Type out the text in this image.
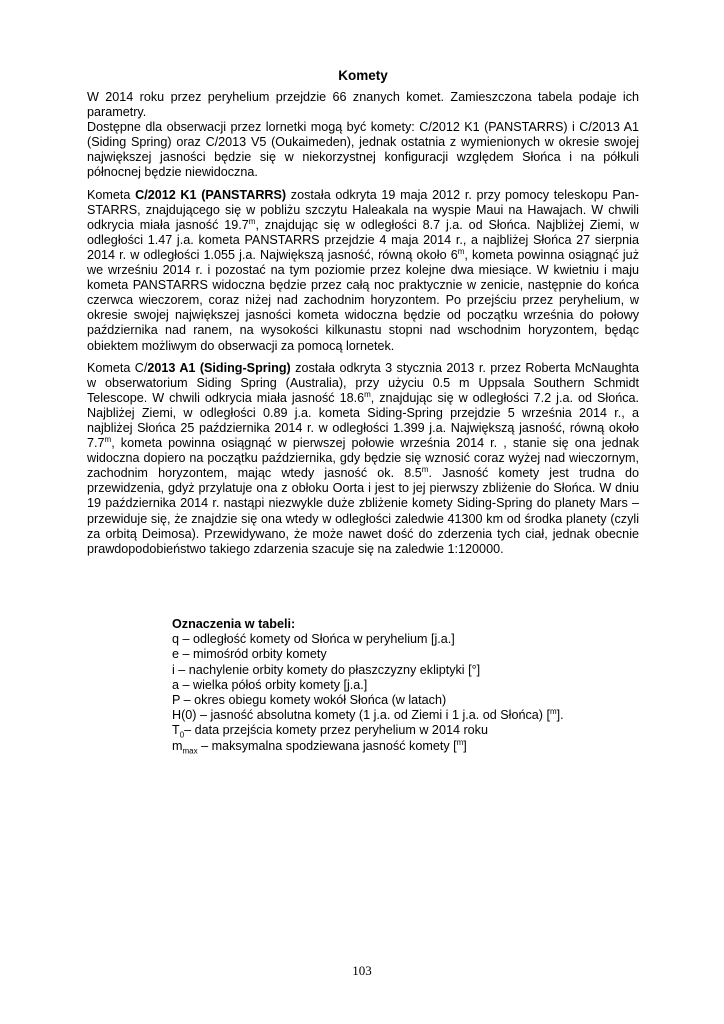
Komety

W 2014 roku przez peryhelium przejdzie 66 znanych komet. Zamieszczona tabela podaje ich parametry.

Dostępne dla obserwacji przez lornetki mogą być komety: C/2012 K1 (PANSTARRS) i C/2013 A1 (Siding Spring) oraz C/2013 V5 (Oukaimeden), jednak ostatnia z wymienionych w okresie swojej największej jasności będzie się w niekorzystnej konfiguracji względem Słońca i na półkuli północnej będzie niewidoczna.

Kometa C/2012 K1 (PANSTARRS) została odkryta 19 maja 2012 r. przy pomocy teleskopu Pan-STARRS, znajdującego się w pobliżu szczytu Haleakala na wyspie Maui na Hawajach. W chwili odkrycia miała jasność 19.7$^m$, znajdując się w odległości 8.7 j.a. od Słońca. Najbliżej Ziemi, w odległości 1.47 j.a. kometa PANSTARRS przejdzie 4 maja 2014 r., a najbliżej Słońca 27 sierpnia 2014 r. w odległości 1.055 j.a. Największą jasność, równą około 6$^m$, kometa powinna osiągnąć już we wrześniu 2014 r. i pozostać na tym poziomie przez kolejne dwa miesiące. W kwietniu i maju kometa PANSTARRS widoczna będzie przez całą noc praktycznie w zenicie, następnie do końca czerwca wieczorem, coraz niżej nad zachodnim horyzontem. Po przejściu przez peryhelium, w okresie swojej największej jasności kometa widoczna będzie od początku września do połowy października nad ranem, na wysokości kilkunastu stopni nad wschodnim horyzontem, będąc obiektem możliwym do obserwacji za pomocą lornetek.

Kometa C/2013 A1 (Siding-Spring) została odkryta 3 stycznia 2013 r. przez Roberta McNaughta w obserwatorium Siding Spring (Australia), przy użyciu 0.5 m Uppsala Southern Schmidt Telescope. W chwili odkrycia miała jasność 18.6$^m$, znajdując się w odległości 7.2 j.a. od Słońca. Najbliżej Ziemi, w odległości 0.89 j.a. kometa Siding-Spring przejdzie 5 września 2014 r., a najbliżej Słońca 25 października 2014 r. w odległości 1.399 j.a. Największą jasność, równą około 7.7$^m$, kometa powinna osiągnąć w pierwszej połowie września 2014 r. , stanie się ona jednak widoczna dopiero na początku października, gdy będzie się wznosić coraz wyżej nad wieczornym, zachodnim horyzontem, mając wtedy jasność ok. 8.5$^m$. Jasność komety jest trudna do przewidzenia, gdyż przylatuje ona z obłoku Oorta i jest to jej pierwszy zbliżenie do Słońca. W dniu 19 października 2014 r. nastąpi niezwykle duże zbliżenie komety Siding-Spring do planety Mars – przewiduje się, że znajdzie się ona wtedy w odległości zaledwie 41300 km od środka planety (czyli za orbitą Deimosa). Przewidywano, że może nawet dość do zderzenia tych ciał, jednak obecnie prawdopodobieństwo takiego zdarzenia szacuje się na zaledwie 1:120000.

Oznaczenia w tabeli:
q – odległość komety od Słońca w peryhelium [j.a.]
e – mimośród orbity komety
i – nachylenie orbity komety do płaszczyzny ekliptyki [°]
a – wielka półoś orbity komety [j.a.]
P – okres obiegu komety wokół Słońca (w latach)
H(0) – jasność absolutna komety (1 j.a. od Ziemi i 1 j.a. od Słońca) [$^m$].
$T_0-$ data przejścia komety przez peryhelium w 2014 roku
$m_{max}$ – maksymalna spodziewana jasność komety [$^m$]
103
